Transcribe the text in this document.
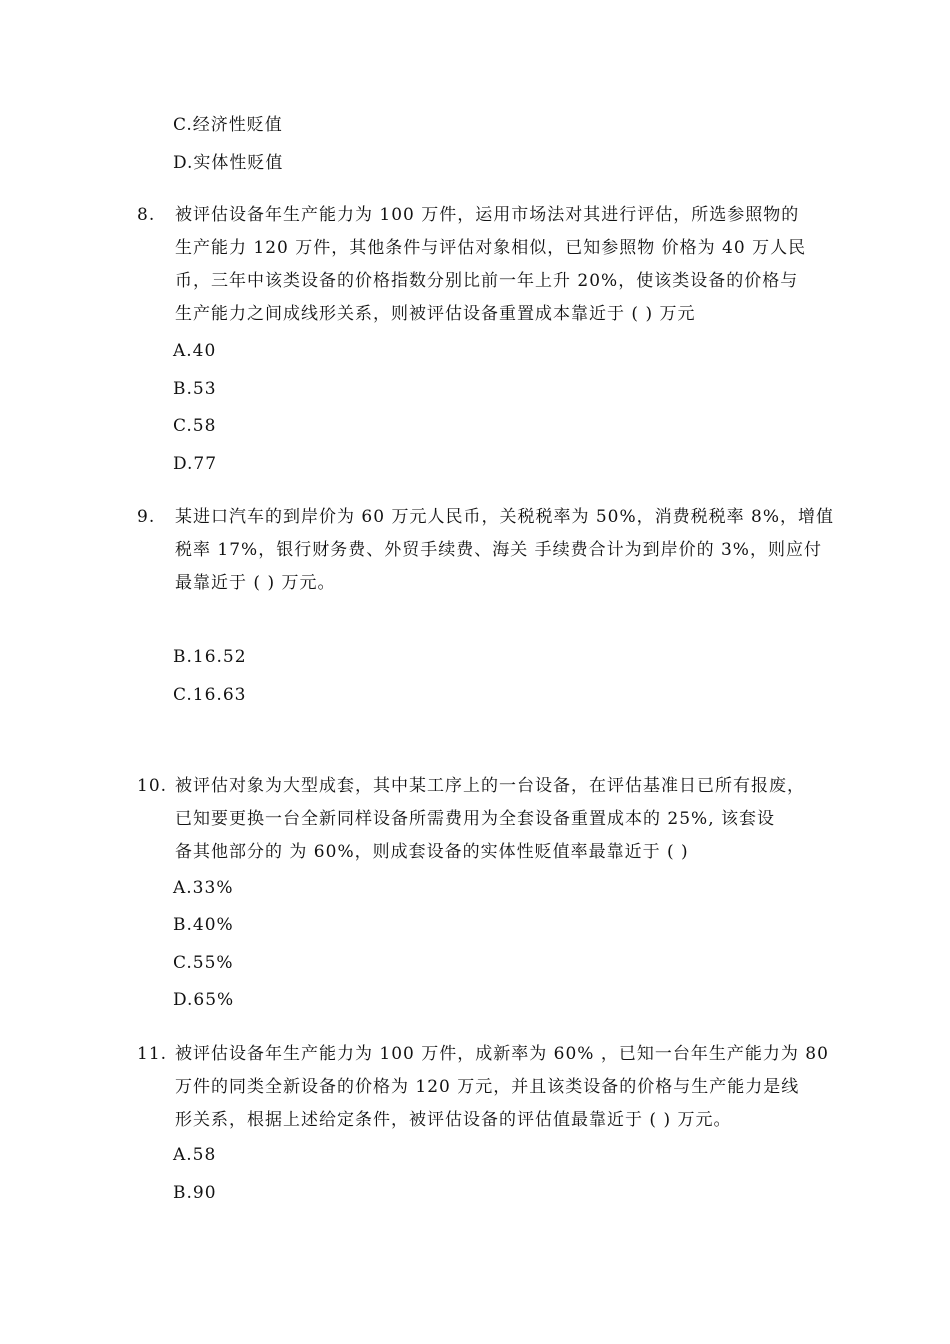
C.经济性贬值
D.实体性贬值
8. 被评估设备年生产能力为 100 万件，运用市场法对其进行评估，所选参照物的
生产能力 120 万件，其他条件与评估对象相似，已知参照物 价格为 40 万人民
币，三年中该类设备的价格指数分别比前一年上升 20%，使该类设备的价格与
生产能力之间成线形关系，则被评估设备重置成本靠近于 ( ) 万元
A.40
B.53
C.58
D.77
9. 某进口汽车的到岸价为 60 万元人民币，关税税率为 50%，消费税税率 8%，增值
税率 17%，银行财务费、外贸手续费、海关 手续费合计为到岸价的 3%，则应付
最靠近于 ( ) 万元。
B.16.52
C.16.63
10. 被评估对象为大型成套，其中某工序上的一台设备，在评估基准日已所有报废，
已知要更换一台全新同样设备所需费用为全套设备重置成本的 25%, 该套设
备其他部分的 为 60%，则成套设备的实体性贬值率最靠近于 ( )
A.33%
B.40%
C.55%
D.65%
11. 被评估设备年生产能力为 100 万件，成新率为 60% ，已知一台年生产能力为 80
万件的同类全新设备的价格为 120 万元，并且该类设备的价格与生产能力是线
形关系，根据上述给定条件，被评估设备的评估值最靠近于 ( ) 万元。
A.58
B.90
